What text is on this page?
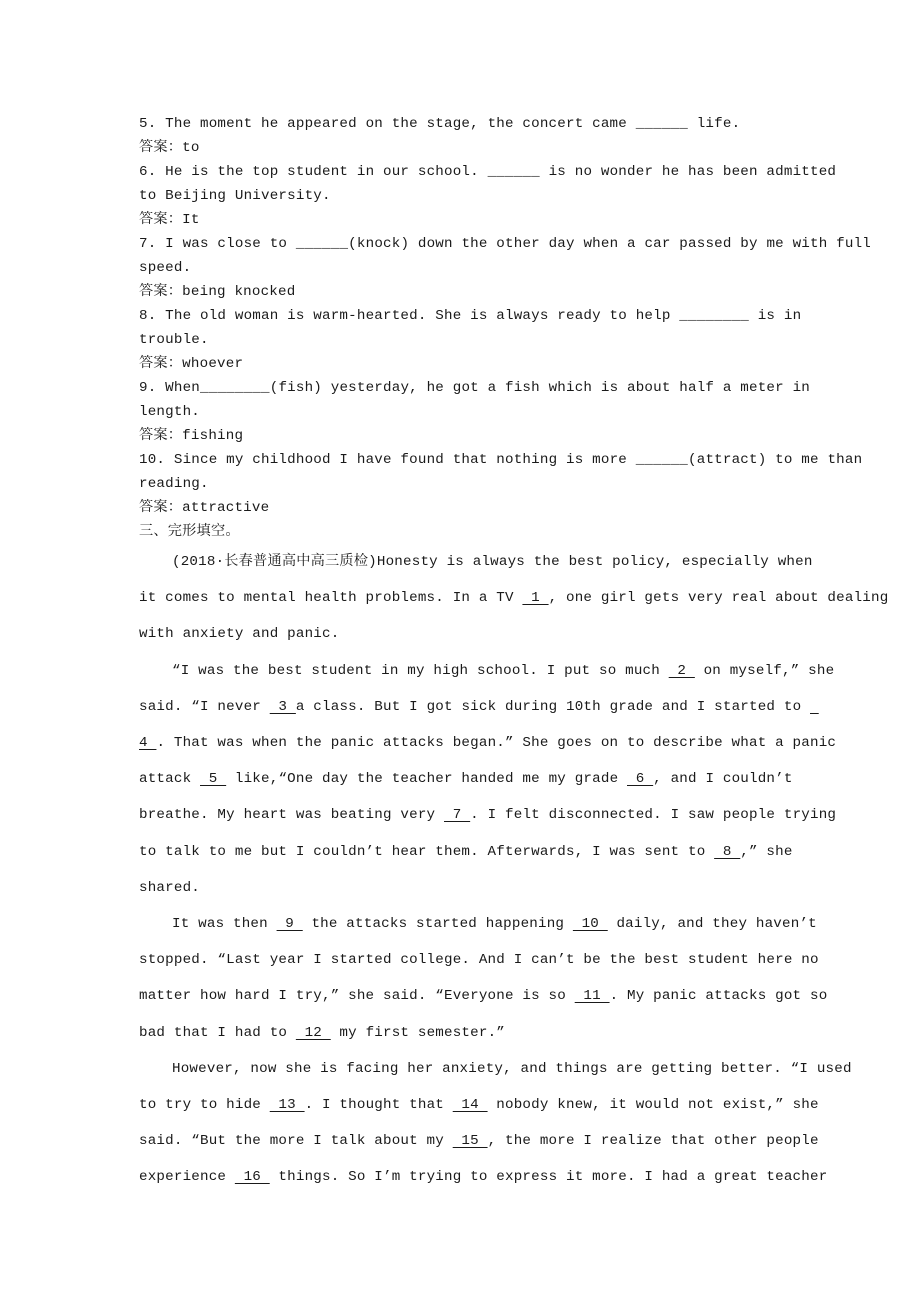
5. The moment he appeared on the stage, the concert came ______ life.
答案：to
6. He is the top student in our school. ______ is no wonder he has been admitted
to Beijing University.
答案：It
7. I was close to ______(knock) down the other day when a car passed by me with full
speed.
答案：being knocked
8. The old woman is warm-hearted. She is always ready to help ________ is in
trouble.
答案：whoever
9. When________(fish) yesterday, he got a fish which is about half a meter in
length.
答案：fishing
10. Since my childhood I have found that nothing is more ______(attract) to me than
reading.
答案：attractive
三、完形填空。
(2018·长春普通高中高三质检)Honesty is always the best policy, especially when
it comes to mental health problems. In a TV  1 , one girl gets very real about dealing
with anxiety and panic.
“I was the best student in my high school. I put so much  2  on myself,” she
said. “I never  3 a class. But I got sick during 10th grade and I started to
4 . That was when the panic attacks began.” She goes on to describe what a panic
attack  5  like,“One day the teacher handed me my grade  6 , and I couldn’t
breathe. My heart was beating very  7 . I felt disconnected. I saw people trying
to talk to me but I couldn’t hear them. Afterwards, I was sent to  8 ,” she
shared.
It was then  9  the attacks started happening  10  daily, and they haven’t
stopped. “Last year I started college. And I can’t be the best student here no
matter how hard I try,” she said. “Everyone is so  11 . My panic attacks got so
bad that I had to  12  my first semester.”
However, now she is facing her anxiety, and things are getting better. “I used
to try to hide  13 . I thought that  14  nobody knew, it would not exist,” she
said. “But the more I talk about my  15 , the more I realize that other people
experience  16  things. So I’m trying to express it more. I had a great teacher
